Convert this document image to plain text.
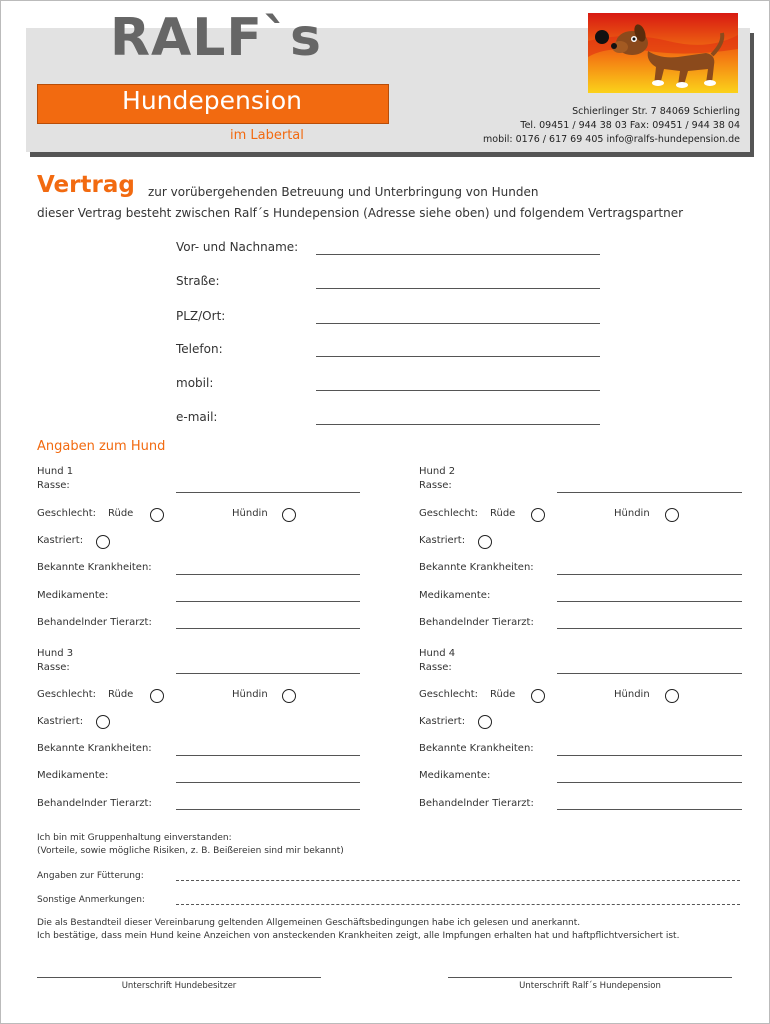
RALF`s
Hundepension
im Labertal
Schierlinger Str. 7 84069 Schierling
Tel. 09451 / 944 38 03 Fax: 09451 / 944 38 04
mobil: 0176 / 617 69 405 info@ralfs-hundepension.de
Vertrag zur vorübergehenden Betreuung und Unterbringung von Hunden
dieser Vertrag besteht zwischen Ralf´s Hundepension (Adresse siehe oben) und folgendem Vertragspartner
Vor- und Nachname:
Straße:
PLZ/Ort:
Telefon:
mobil:
e-mail:
Angaben zum Hund
Hund 1
Rasse:
Geschlecht: Rüde	Hündin
Kastriert:
Bekannte Krankheiten:
Medikamente:
Behandelnder Tierarzt:
Hund 2
Rasse:
Geschlecht: Rüde	Hündin
Kastriert:
Bekannte Krankheiten:
Medikamente:
Behandelnder Tierarzt:
Hund 3
Rasse:
Geschlecht: Rüde	Hündin
Kastriert:
Bekannte Krankheiten:
Medikamente:
Behandelnder Tierarzt:
Hund 4
Rasse:
Geschlecht: Rüde	Hündin
Kastriert:
Bekannte Krankheiten:
Medikamente:
Behandelnder Tierarzt:
Ich bin mit Gruppenhaltung einverstanden:
(Vorteile, sowie mögliche Risiken, z. B. Beißereien sind mir bekannt)
Angaben zur Fütterung:
Sonstige Anmerkungen:
Die als Bestandteil dieser Vereinbarung geltenden Allgemeinen Geschäftsbedingungen habe ich gelesen und anerkannt.
Ich bestätige, dass mein Hund keine Anzeichen von ansteckenden Krankheiten zeigt, alle Impfungen erhalten hat und haftpflichtversichert ist.
Unterschrift Hundebesitzer	Unterschrift Ralf´s Hundepension
